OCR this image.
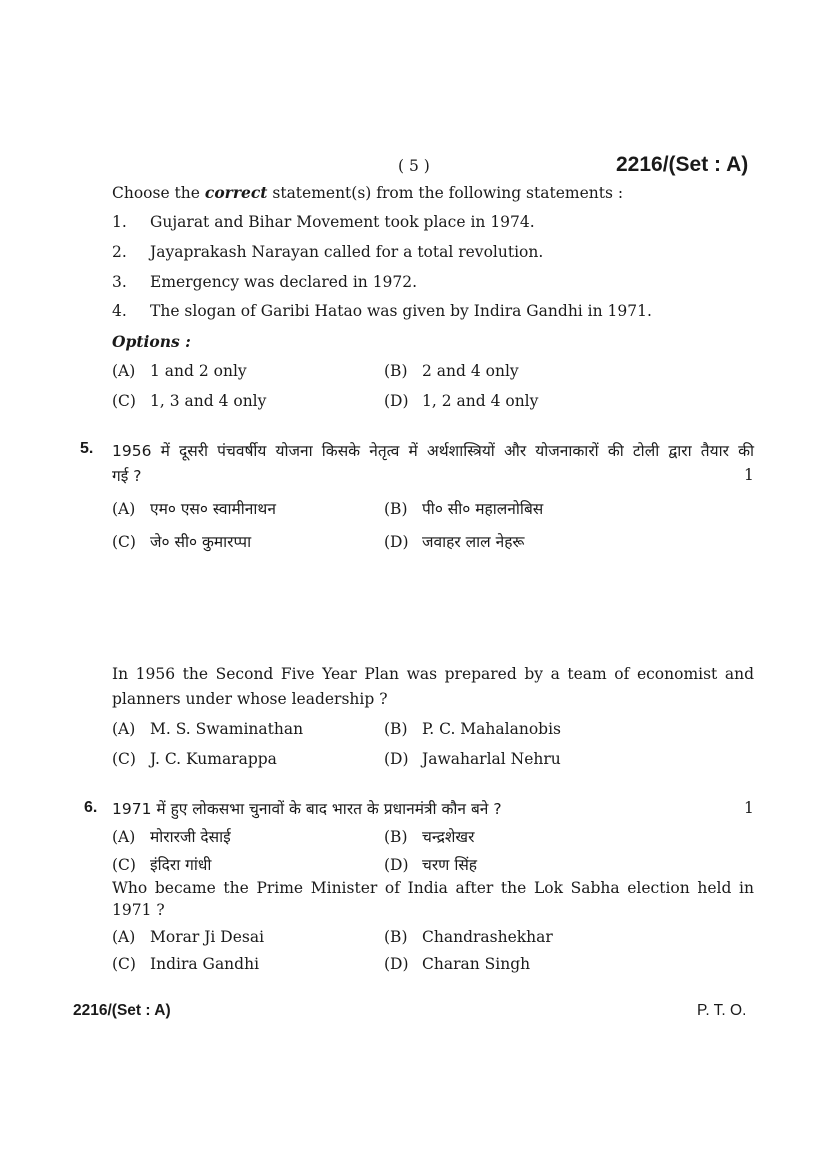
( 5 )	2216/(Set : A)
Choose the correct statement(s) from the following statements :
1. Gujarat and Bihar Movement took place in 1974.
2. Jayaprakash Narayan called for a total revolution.
3. Emergency was declared in 1972.
4. The slogan of Garibi Hatao was given by Indira Gandhi in 1971.
Options :
(A) 1 and 2 only	(B) 2 and 4 only
(C) 1, 3 and 4 only	(D) 1, 2 and 4 only
5. 1956 में दूसरी पंचवर्षीय योजना किसके नेतृत्व में अर्थशास्त्रियों और योजनाकारों की टोली द्वारा तैयार की
गई ?	1
(A) एम० एस० स्वामीनाथन	(B) पी० सी० महालनोबिस
(C) जे० सी० कुमारप्पा	(D) जवाहर लाल नेहरू
In 1956 the Second Five Year Plan was prepared by a team of economist and
planners under whose leadership ?
(A) M. S. Swaminathan	(B) P. C. Mahalanobis
(C) J. C. Kumarappa	(D) Jawaharlal Nehru
6. 1971 में हुए लोकसभा चुनावों के बाद भारत के प्रधानमंत्री कौन बने ?	1
(A) मोरारजी देसाई	(B) चन्द्रशेखर
(C) इंदिरा गांधी	(D) चरण सिंह
Who became the Prime Minister of India after the Lok Sabha election held in
1971 ?
(A) Morar Ji Desai	(B) Chandrashekhar
(C) Indira Gandhi	(D) Charan Singh
2216/(Set : A)	P. T. O.
